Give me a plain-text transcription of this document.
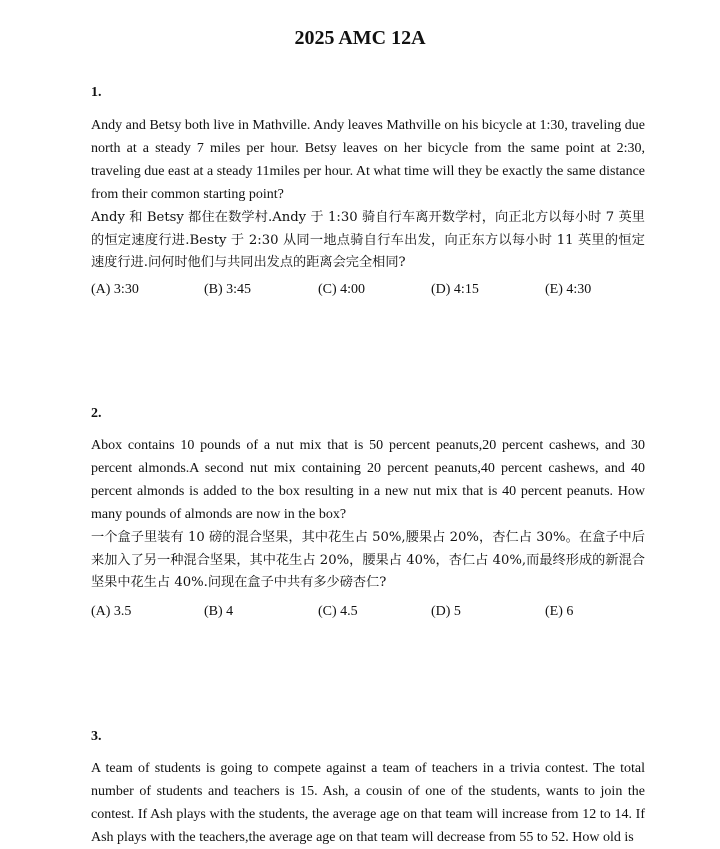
2025 AMC 12A
1.
Andy and Betsy both live in Mathville. Andy leaves Mathville on his bicycle at 1:30, traveling due north at a steady 7 miles per hour. Betsy leaves on her bicycle from the same point at 2:30, traveling due east at a steady 11miles per hour. At what time will they be exactly the same distance from their common starting point?
Andy 和 Betsy 都住在数学村.Andy 于 1:30 骑自行车离开数学村，向正北方以每小时 7 英里的恒定速度行进.Besty 于 2:30 从同一地点骑自行车出发，向正东方以每小时 11 英里的恒定速度行进.问何时他们与共同出发点的距离会完全相同?
(A) 3:30	(B) 3:45	(C) 4:00	(D) 4:15	(E) 4:30
2.
Abox contains 10 pounds of a nut mix that is 50 percent peanuts,20 percent cashews, and 30 percent almonds.A second nut mix containing 20 percent peanuts,40 percent cashews, and 40 percent almonds is added to the box resulting in a new nut mix that is 40 percent peanuts. How many pounds of almonds are now in the box?
一个盒子里装有 10 磅的混合坚果，其中花生占 50%,腰果占 20%，杏仁占 30%。在盒子中后来加入了另一种混合坚果，其中花生占 20%，腰果占 40%，杏仁占 40%,而最终形成的新混合坚果中花生占 40%.问现在盒子中共有多少磅杏仁?
(A) 3.5	(B) 4	(C) 4.5	(D) 5	(E) 6
3.
A team of students is going to compete against a team of teachers in a trivia contest. The total number of students and teachers is 15. Ash, a cousin of one of the students, wants to join the contest. If Ash plays with the students, the average age on that team will increase from 12 to 14. If Ash plays with the teachers,the average age on that team will decrease from 55 to 52. How old is
